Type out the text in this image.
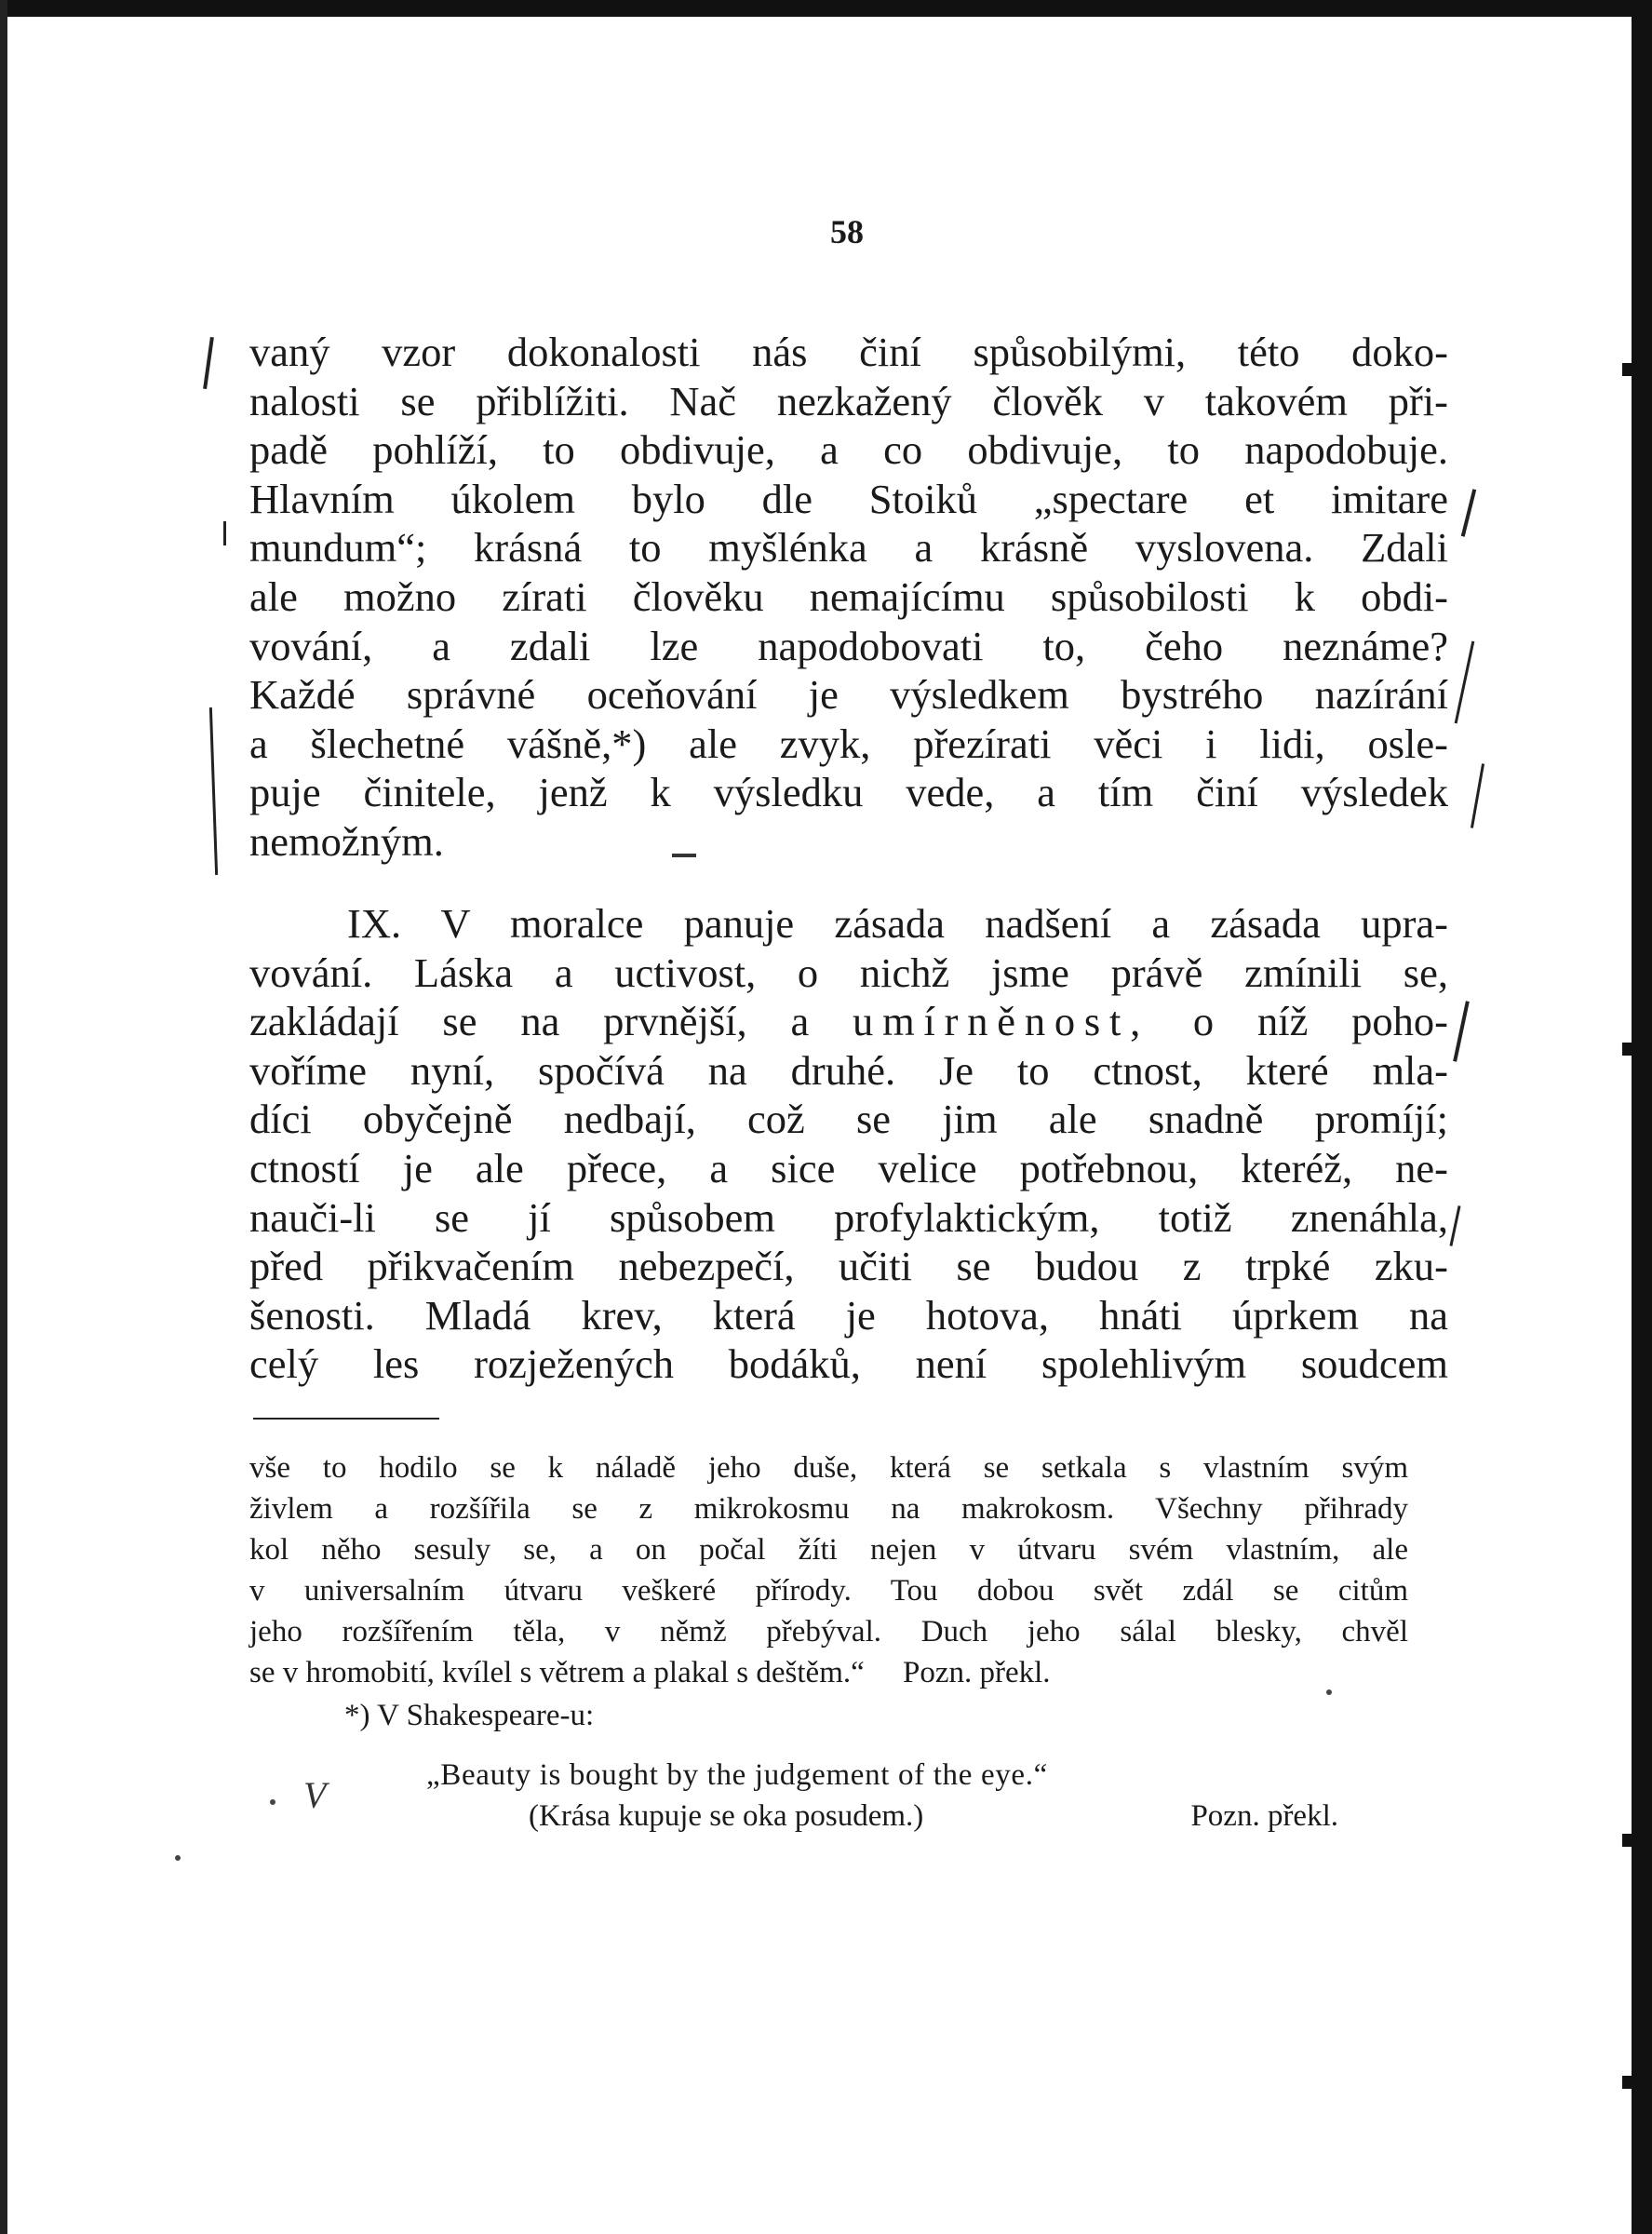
58
vaný vzor dokonalosti nás činí spůsobilými, této doko-
nalosti se přiblížiti. Nač nezkažený člověk v takovém při-
padě pohlíží, to obdivuje, a co obdivuje, to napodobuje.
Hlavním úkolem bylo dle Stoiků „spectare et imitare
mundum“; krásná to myšlénka a krásně vyslovena. Zdali
ale možno zírati člověku nemajícímu spůsobilosti k obdi-
vování, a zdali lze napodobovati to, čeho neznáme?
Každé správné oceňování je výsledkem bystrého nazírání
a šlechetné vášně,*) ale zvyk, přezírati věci i lidi, osle-
puje činitele, jenž k výsledku vede, a tím činí výsledek
nemožným.
IX. V moralce panuje zásada nadšení a zásada upra-
vování. Láska a uctivost, o nichž jsme právě zmínili se,
zakládají se na prvnější, a umírněnost, o níž poho-
voříme nyní, spočívá na druhé. Je to ctnost, které mla-
díci obyčejně nedbají, což se jim ale snadně promíjí;
ctností je ale přece, a sice velice potřebnou, kteréž, ne-
nauči-li se jí spůsobem profylaktickým, totiž znenáhla,
před přikvačením nebezpečí, učiti se budou z trpké zku-
šenosti. Mladá krev, která je hotova, hnáti úprkem na
celý les rozježených bodáků, není spolehlivým soudcem
vše to hodilo se k náladě jeho duše, která se setkala s vlastním svým
živlem a rozšířila se z mikrokosmu na makrokosm. Všechny přihrady
kol něho sesuly se, a on počal žíti nejen v útvaru svém vlastním, ale
v universalním útvaru veškeré přírody. Tou dobou svět zdál se citům
jeho rozšířením těla, v němž přebýval. Duch jeho sálal blesky, chvěl
se v hromobití, kvílel s větrem a plakal s deštěm.“     Pozn. překl.
*) V Shakespeare-u:
„Beauty is bought by the judgement of the eye.“
(Krása kupuje se oka posudem.)	Pozn. překl.
V
